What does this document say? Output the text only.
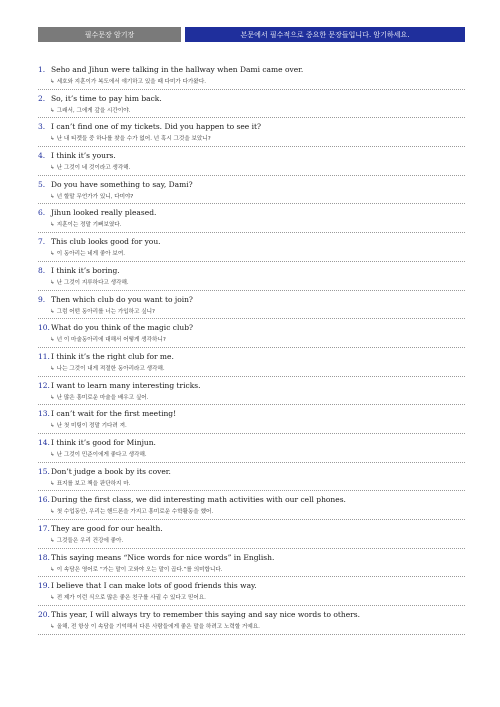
필수문장 암기장	본문에서 필수적으로 중요한 문장들입니다. 암기하세요.
1. Seho and Jihun were talking in the hallway when Dami came over.
↳ 세호와 지훈이가 복도에서 얘기하고 있을 때 다미가 다가왔다.
2. So, it’s time to pay him back.
↳ 그래서, 그에게 갚을 시간이야.
3. I can’t find one of my tickets. Did you happen to see it?
↳ 난 내 티켓들 중 하나를 찾을 수가 없어. 넌 혹시 그것을 보았니?
4. I think it’s yours.
↳ 난 그것이 네 것이라고 생각해.
5. Do you have something to say, Dami?
↳ 넌 할말 무언가가 있니, 다미야?
6. Jihun looked really pleased.
↳ 지훈이는 정말 기뻐보였다.
7. This club looks good for you.
↳ 이 동아리는 네게 좋아 보여.
8. I think it’s boring.
↳ 난 그것이 지루하다고 생각해.
9. Then which club do you want to join?
↳ 그럼 어떤 동아리를 너는 가입하고 싶니?
10.What do you think of the magic club?
↳ 넌 이 마술동아리에 대해서 어떻게 생각하니?
11.I think it’s the right club for me.
↳ 나는 그것이 내게 적절한 동아리라고 생각해.
12.I want to learn many interesting tricks.
↳ 난 많은 흥미로운 마술을 배우고 싶어.
13.I can’t wait for the first meeting!
↳ 난 첫 미팅이 정말 기다려 져.
14.I think it’s good for Minjun.
↳ 난 그것이 민준이에게 좋다고 생각해.
15.Don’t judge a book by its cover.
↳ 표지를 보고 책을 판단하지 마.
16.During the first class, we did interesting math activities with our cell phones.
↳ 첫 수업동안, 우리는 핸드폰을 가지고 흥미로운 수학활동을 했어.
17.They are good for our health.
↳ 그것들은 우리 건강에 좋아.
18.This saying means “Nice words for nice words” in English.
↳ 이 속담은 영어로 “가는 말이 고와야 오는 말이 곱다.”를 의미합니다.
19.I believe that I can make lots of good friends this way.
↳ 전 제가 이런 식으로 많은 좋은 친구를 사귈 수 있다고 믿어요.
20.This year, I will always try to remember this saying and say nice words to others.
↳ 올해, 전 항상 이 속담을 기억해서 다른 사람들에게 좋은 말을 하려고 노력할 거예요.
